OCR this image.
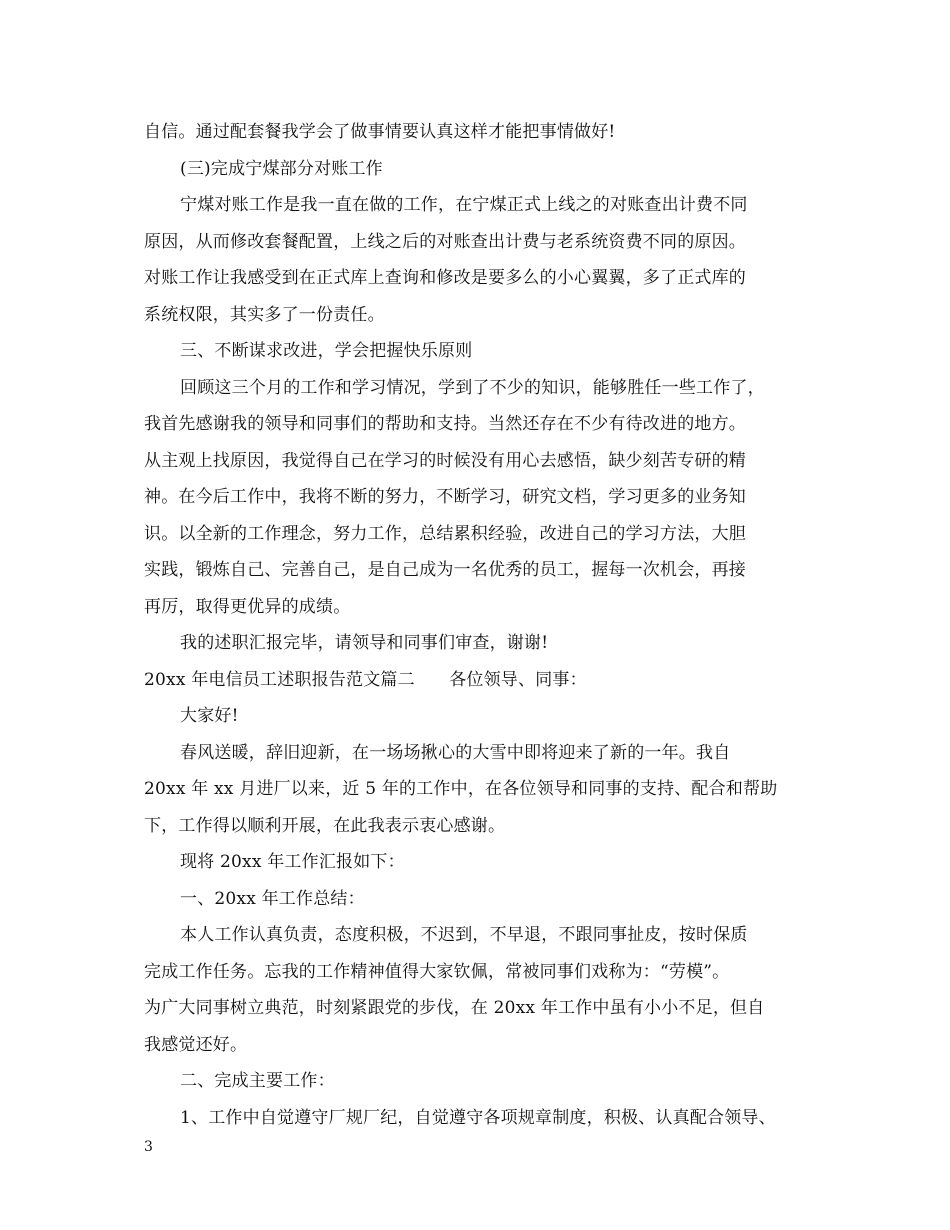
自信。通过配套餐我学会了做事情要认真这样才能把事情做好!
(三)完成宁煤部分对账工作
宁煤对账工作是我一直在做的工作，在宁煤正式上线之的对账查出计费不同
原因，从而修改套餐配置，上线之后的对账查出计费与老系统资费不同的原因。
对账工作让我感受到在正式库上查询和修改是要多么的小心翼翼，多了正式库的
系统权限，其实多了一份责任。
三、不断谋求改进，学会把握快乐原则
回顾这三个月的工作和学习情况，学到了不少的知识，能够胜任一些工作了，
我首先感谢我的领导和同事们的帮助和支持。当然还存在不少有待改进的地方。
从主观上找原因，我觉得自己在学习的时候没有用心去感悟，缺少刻苦专研的精
神。在今后工作中，我将不断的努力，不断学习，研究文档，学习更多的业务知
识。以全新的工作理念，努力工作，总结累积经验，改进自己的学习方法，大胆
实践，锻炼自己、完善自己，是自己成为一名优秀的员工，握每一次机会，再接
再厉，取得更优异的成绩。
我的述职汇报完毕，请领导和同事们审查，谢谢!
20xx 年电信员工述职报告范文篇二　　各位领导、同事：
大家好!
春风送暖，辞旧迎新，在一场场揪心的大雪中即将迎来了新的一年。我自
20xx 年 xx 月进厂以来，近 5 年的工作中，在各位领导和同事的支持、配合和帮助
下，工作得以顺利开展，在此我表示衷心感谢。
现将 20xx 年工作汇报如下：
一、20xx 年工作总结：
本人工作认真负责，态度积极，不迟到，不早退，不跟同事扯皮，按时保质
完成工作任务。忘我的工作精神值得大家钦佩，常被同事们戏称为：“劳模”。
为广大同事树立典范，时刻紧跟党的步伐，在 20xx 年工作中虽有小小不足，但自
我感觉还好。
二、完成主要工作：
1、工作中自觉遵守厂规厂纪，自觉遵守各项规章制度，积极、认真配合领导、
3
